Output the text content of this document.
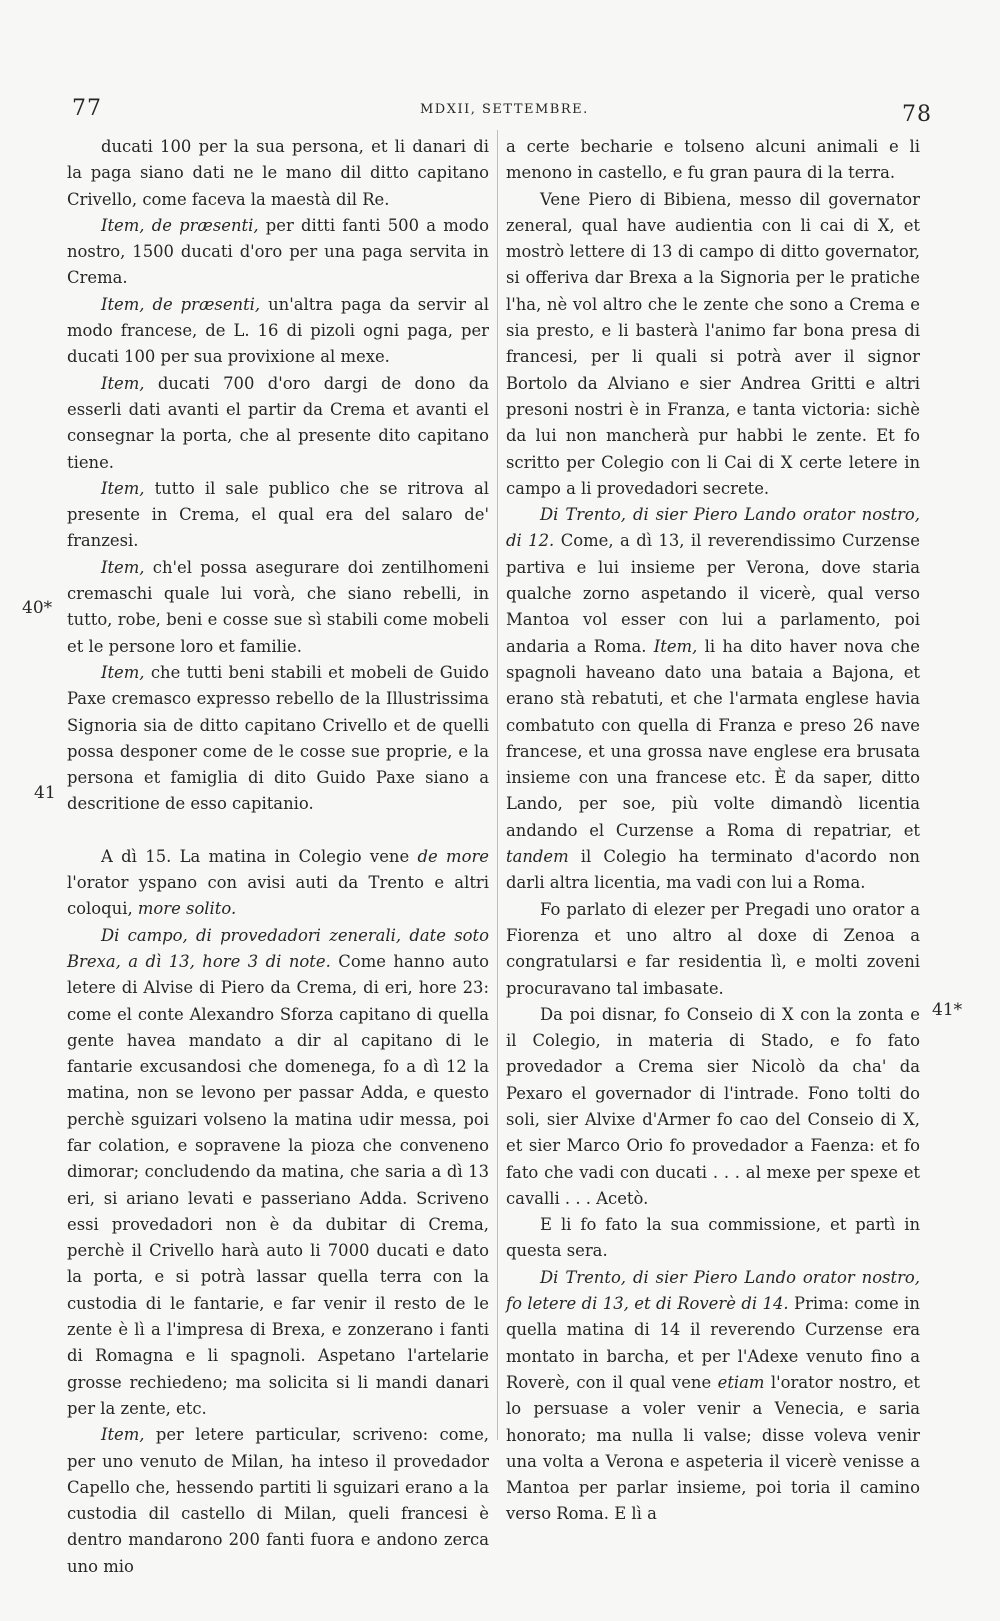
77	MDXII, SETTEMBRE.	78
40*
41
41*

ducati 100 per la sua persona, et li danari di la paga siano dati ne le mano dil ditto capitano Crivello, come faceva la maestà dil Re.

Item, de præsenti, per ditti fanti 500 a modo nostro, 1500 ducati d'oro per una paga servita in Crema.

Item, de præsenti, un'altra paga da servir al modo francese, de L. 16 di pizoli ogni paga, per ducati 100 per sua provixione al mexe.

Item, ducati 700 d'oro dargi de dono da esserli dati avanti el partir da Crema et avanti el consegnar la porta, che al presente dito capitano tiene.

Item, tutto il sale publico che se ritrova al presente in Crema, el qual era del salaro de' franzesi.

Item, ch'el possa asegurare doi zentilhomeni cremaschi quale lui vorà, che siano rebelli, in tutto, robe, beni e cosse sue sì stabili come mobeli et le persone loro et familie.

Item, che tutti beni stabili et mobeli de Guido Paxe cremasco expresso rebello de la Illustrissima Signoria sia de ditto capitano Crivello et de quelli possa desponer come de le cosse sue proprie, e la persona et famiglia di dito Guido Paxe siano a descritione de esso capitanio.

A dì 15. La matina in Colegio vene de more l'orator yspano con avisi auti da Trento e altri coloqui, more solito.

Di campo, di provedadori zenerali, date soto Brexa, a dì 13, hore 3 di note. Come hanno auto letere di Alvise di Piero da Crema, di eri, hore 23: come el conte Alexandro Sforza capitano di quella gente havea mandato a dir al capitano di le fantarie excusandosi che domenega, fo a dì 12 la matina, non se levono per passar Adda, e questo perchè sguizari volseno la matina udir messa, poi far colation, e sopravene la pioza che conveneno dimorar; concludendo da matina, che saria a dì 13 eri, si ariano levati e passeriano Adda. Scriveno essi provedadori non è da dubitar di Crema, perchè il Crivello harà auto li 7000 ducati e dato la porta, e si potrà lassar quella terra con la custodia di le fantarie, e far venir il resto de le zente è lì a l'impresa di Brexa, e zonzerano i fanti di Romagna e li spagnoli. Aspetano l'artelarie grosse rechiedeno; ma solicita si li mandi danari per la zente, etc.

Item, per letere particular, scriveno: come, per uno venuto de Milan, ha inteso il provedador Capello che, hessendo partiti li sguizari erano a la custodia dil castello di Milan, queli francesi è dentro mandarono 200 fanti fuora e andono zerca uno mio

a certe becharie e tolseno alcuni animali e li menono in castello, e fu gran paura di la terra.

Vene Piero di Bibiena, messo dil governator zeneral, qual have audientia con li cai di X, et mostrò lettere di 13 di campo di ditto governator, si offeriva dar Brexa a la Signoria per le pratiche l'ha, nè vol altro che le zente che sono a Crema e sia presto, e li basterà l'animo far bona presa di francesi, per li quali si potrà aver il signor Bortolo da Alviano e sier Andrea Gritti e altri presoni nostri è in Franza, e tanta victoria: sichè da lui non mancherà pur habbi le zente. Et fo scritto per Colegio con li Cai di X certe letere in campo a li provedadori secrete.

Di Trento, di sier Piero Lando orator nostro, di 12. Come, a dì 13, il reverendissimo Curzense partiva e lui insieme per Verona, dove staria qualche zorno aspetando il vicerè, qual verso Mantoa vol esser con lui a parlamento, poi andaria a Roma. Item, li ha dito haver nova che spagnoli haveano dato una bataia a Bajona, et erano stà rebatuti, et che l'armata englese havia combatuto con quella di Franza e preso 26 nave francese, et una grossa nave englese era brusata insieme con una francese etc. È da saper, ditto Lando, per soe, più volte dimandò licentia andando el Curzense a Roma di repatriar, et tandem il Colegio ha terminato d'acordo non darli altra licentia, ma vadi con lui a Roma.

Fo parlato di elezer per Pregadi uno orator a Fiorenza et uno altro al doxe di Zenoa a congratularsi e far residentia lì, e molti zoveni procuravano tal imbasate.

Da poi disnar, fo Conseio di X con la zonta e il Colegio, in materia di Stado, e fo fato provedador a Crema sier Nicolò da cha' da Pexaro el governador di l'intrade. Fono tolti do soli, sier Alvixe d'Armer fo cao del Conseio di X, et sier Marco Orio fo provedador a Faenza: et fo fato che vadi con ducati . . . al mexe per spexe et cavalli . . . Acetò.

E li fo fato la sua commissione, et partì in questa sera.

Di Trento, di sier Piero Lando orator nostro, fo letere di 13, et di Roverè di 14. Prima: come in quella matina di 14 il reverendo Curzense era montato in barcha, et per l'Adexe venuto fino a Roverè, con il qual vene etiam l'orator nostro, et lo persuase a voler venir a Venecia, e saria honorato; ma nulla li valse; disse voleva venir una volta a Verona e aspeteria il vicerè venisse a Mantoa per parlar insieme, poi toria il camino verso Roma. E lì a
